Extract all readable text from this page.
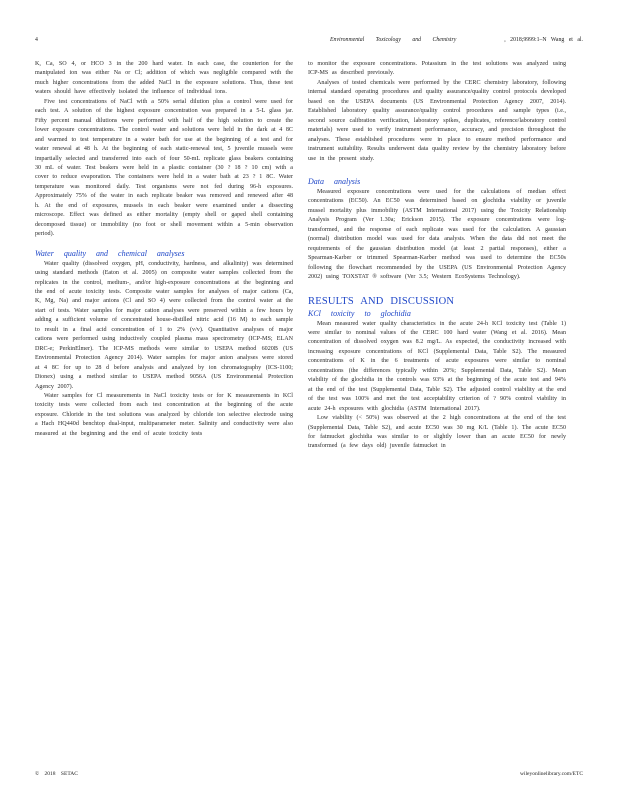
4	Environmental Toxicology and Chemistry	, 2018;9999:1–N Wang et al.

K, Ca, SO 4, or HCO 3 in the 200 hard water. In each case, the counterion for the manipulated ion was either Na or Cl; addition of which was negligible compared with the much higher concentrations from the added NaCl in the exposure solutions. Thus, these test waters should have effectively isolated the influence of individual ions.

Five test concentrations of NaCl with a 50% serial dilution plus a control were used for each test. A solution of the highest exposure concentration was prepared in a 5-L glass jar. Fifty percent manual dilutions were performed with half of the high solution to create the lower exposure concentrations. The control water and solutions were held in the dark at 4 8C and warmed to test temperature in a water bath for use at the beginning of a test and for water renewal at 48 h. At the beginning of each static-renewal test, 5 juvenile mussels were impartially selected and transferred into each of four 50-mL replicate glass beakers containing 30 mL of water. Test beakers were held in a plastic container (30 ? 18 ? 10 cm) with a cover to reduce evaporation. The containers were held in a water bath at 23 ? 1 8C. Water temperature was monitored daily. Test organisms were not fed during 96-h exposures. Approximately 75% of the water in each replicate beaker was removed and renewed after 48 h. At the end of exposures, mussels in each beaker were examined under a dissecting microscope. Effect was defined as either mortality (empty shell or gaped shell containing decomposed tissue) or immobility (no foot or shell movement within a 5-min observation period).

Water quality and chemical analyses

Water quality (dissolved oxygen, pH, conductivity, hardness, and alkalinity) was determined using standard methods (Eaton et al. 2005) on composite water samples collected from the replicates in the control, medium-, and/or high-exposure concentrations at the beginning and the end of acute toxicity tests. Composite water samples for analyses of major cations (Ca, K, Mg, Na) and major anions (Cl and SO 4) were collected from the control water at the start of tests. Water samples for major cation analyses were preserved within a few hours by adding a sufficient volume of concentrated house-distilled nitric acid (16 M) to each sample to result in a final acid concentration of 1 to 2% (v/v). Quantitative analyses of major cations were performed using inductively coupled plasma mass spectrometry (ICP-MS; ELAN DRC-e; PerkinElmer). The ICP-MS methods were similar to USEPA method 6020B (US Environmental Protection Agency 2014). Water samples for major anion analyses were stored at 4 8C for up to 28 d before analysis and analyzed by ion chromatography (ICS-1100; Dionex) using a method similar to USEPA method 9056A (US Environmental Protection Agency 2007).

Water samples for Cl measurements in NaCl toxicity tests or for K measurements in KCl toxicity tests were collected from each test concentration at the beginning of the acute exposure. Chloride in the test solutions was analyzed by chloride ion selective electrode using a Hach HQ440d benchtop dual-input, multiparameter meter. Salinity and conductivity were also measured at the beginning and the end of acute toxicity tests

to monitor the exposure concentrations. Potassium in the test solutions was analyzed using ICP-MS as described previously.

Analyses of tested chemicals were performed by the CERC chemistry laboratory, following internal standard operating procedures and quality assurance/quality control protocols developed based on the USEPA documents (US Environmental Protection Agency 2007, 2014). Established laboratory quality assurance/quality control procedures and sample types (i.e., second source calibration verification, laboratory spikes, duplicates, reference/laboratory control materials) were used to verify instrument performance, accuracy, and precision throughout the analyses. These established procedures were in place to ensure method performance and instrument suitability. Results underwent data quality review by the chemistry laboratory before use in the present study.

Data analysis

Measured exposure concentrations were used for the calculations of median effect concentrations (EC50). An EC50 was determined based on glochidia viability or juvenile mussel mortality plus immobility (ASTM International 2017) using the Toxicity Relationship Analysis Program (Ver 1.30a; Erickson 2015). The exposure concentrations were log-transformed, and the response of each replicate was used for the calculation. A gaussian (normal) distribution model was used for data analysis. When the data did not meet the requirements of the gaussian distribution model (at least 2 partial responses), either a Spearman-Karber or trimmed Spearman-Karber method was used to determine the EC50s following the flowchart recommended by the USEPA (US Environmental Protection Agency 2002) using TOXSTAT ® software (Ver 3.5; Western EcoSystems Technology).

RESULTS AND DISCUSSION

KCl toxicity to glochidia

Mean measured water quality characteristics in the acute 24-h KCl toxicity test (Table 1) were similar to nominal values of the CERC 100 hard water (Wang et al. 2016). Mean concentration of dissolved oxygen was 8.2 mg/L. As expected, the conductivity increased with increasing exposure concentrations of KCl (Supplemental Data, Table S2). The measured concentrations of K in the 6 treatments of acute exposures were similar to nominal concentrations (the differences typically within 20%; Supplemental Data, Table S2). Mean viability of the glochidia in the controls was 93% at the beginning of the acute test and 94% at the end of the test (Supplemental Data, Table S2). The adjusted control viability at the end of the test was 100% and met the test acceptability criterion of ? 90% control viability in acute 24-h exposures with glochidia (ASTM International 2017).

Low viability (< 50%) was observed at the 2 high concentrations at the end of the test (Supplemental Data, Table S2), and acute EC50 was 30 mg K/L (Table 1). The acute EC50 for fatmucket glochidia was similar to or slightly lower than an acute EC50 for newly transformed (a few days old) juvenile fatmucket in

© 2018 SETAC	wileyonlinelibrary.com/ETC
